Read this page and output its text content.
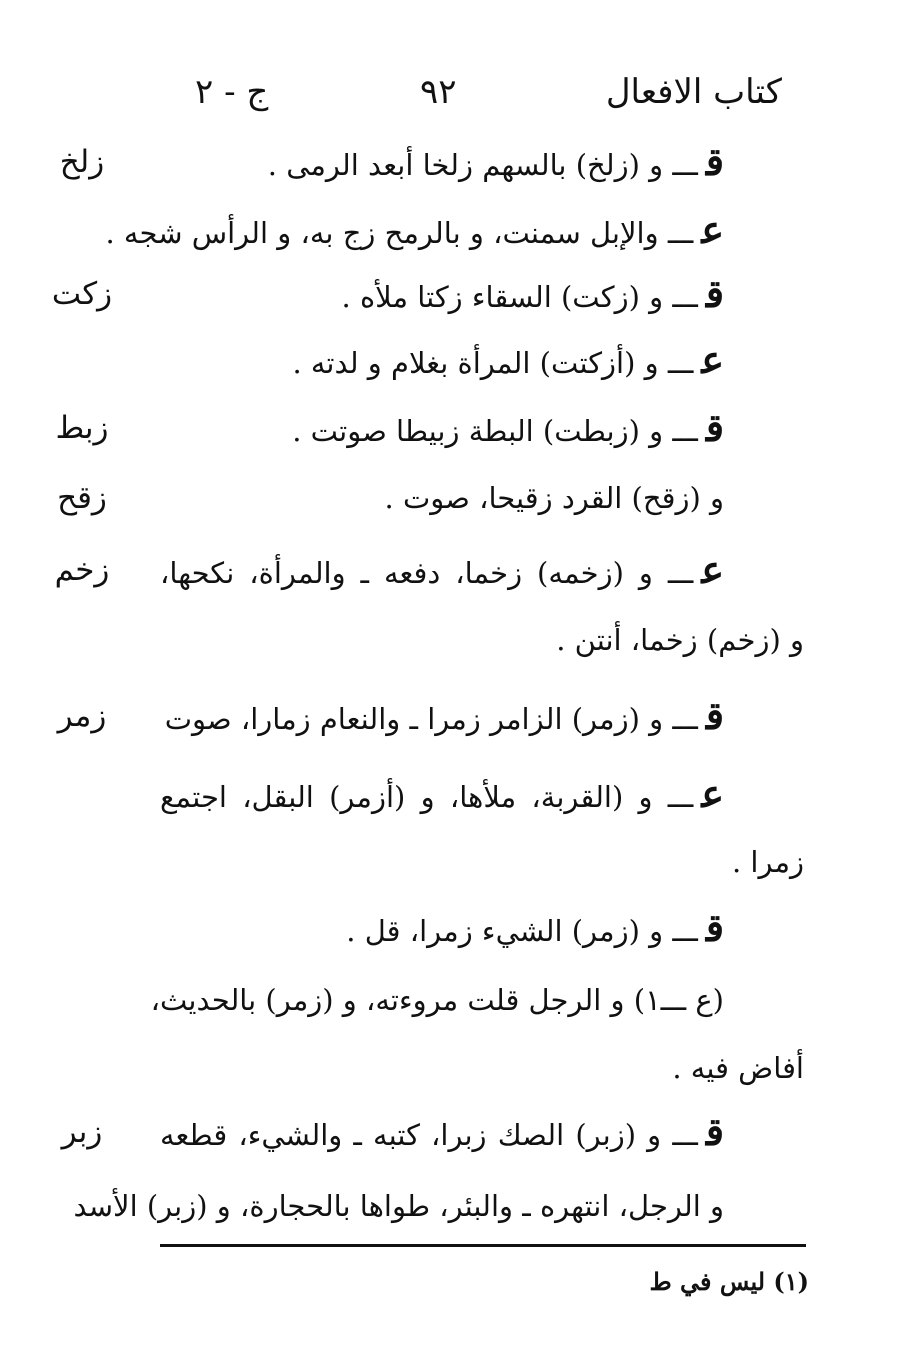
كتاب الافعال
٩٢
ج - ٢
زلخ
زكت
زبط
زقح
زخم
زمر
زبر
قـــ و (زلخ) بالسهم زلخا أبعد الرمى .
عـــ والإبل سمنت، و بالرمح زج به، و الرأس شجه .
قـــ و (زكت) السقاء زكتا ملأه .
عـــ و (أزكتت) المرأة بغلام و لدته .
قـــ و (زبطت) البطة زبيطا صوتت .
و (زقح) القرد زقيحا، صوت .
عـــ و (زخمه) زخما، دفعه ـ والمرأة، نكحها،
و (زخم) زخما، أنتن .
قـــ و (زمر) الزامر زمرا ـ والنعام زمارا، صوت
عـــ و (القربة، ملأها، و (أزمر) البقل، اجتمع
زمرا .
قـــ و (زمر) الشيء زمرا، قل .
(ع ـــ١) و الرجل قلت مروءته، و (زمر) بالحديث،
أفاض فيه .
قـــ و (زبر) الصك زبرا، كتبه ـ والشيء، قطعه
و الرجل، انتهره ـ والبئر، طواها بالحجارة، و (زبر) الأسد
(١) ليس في ط
